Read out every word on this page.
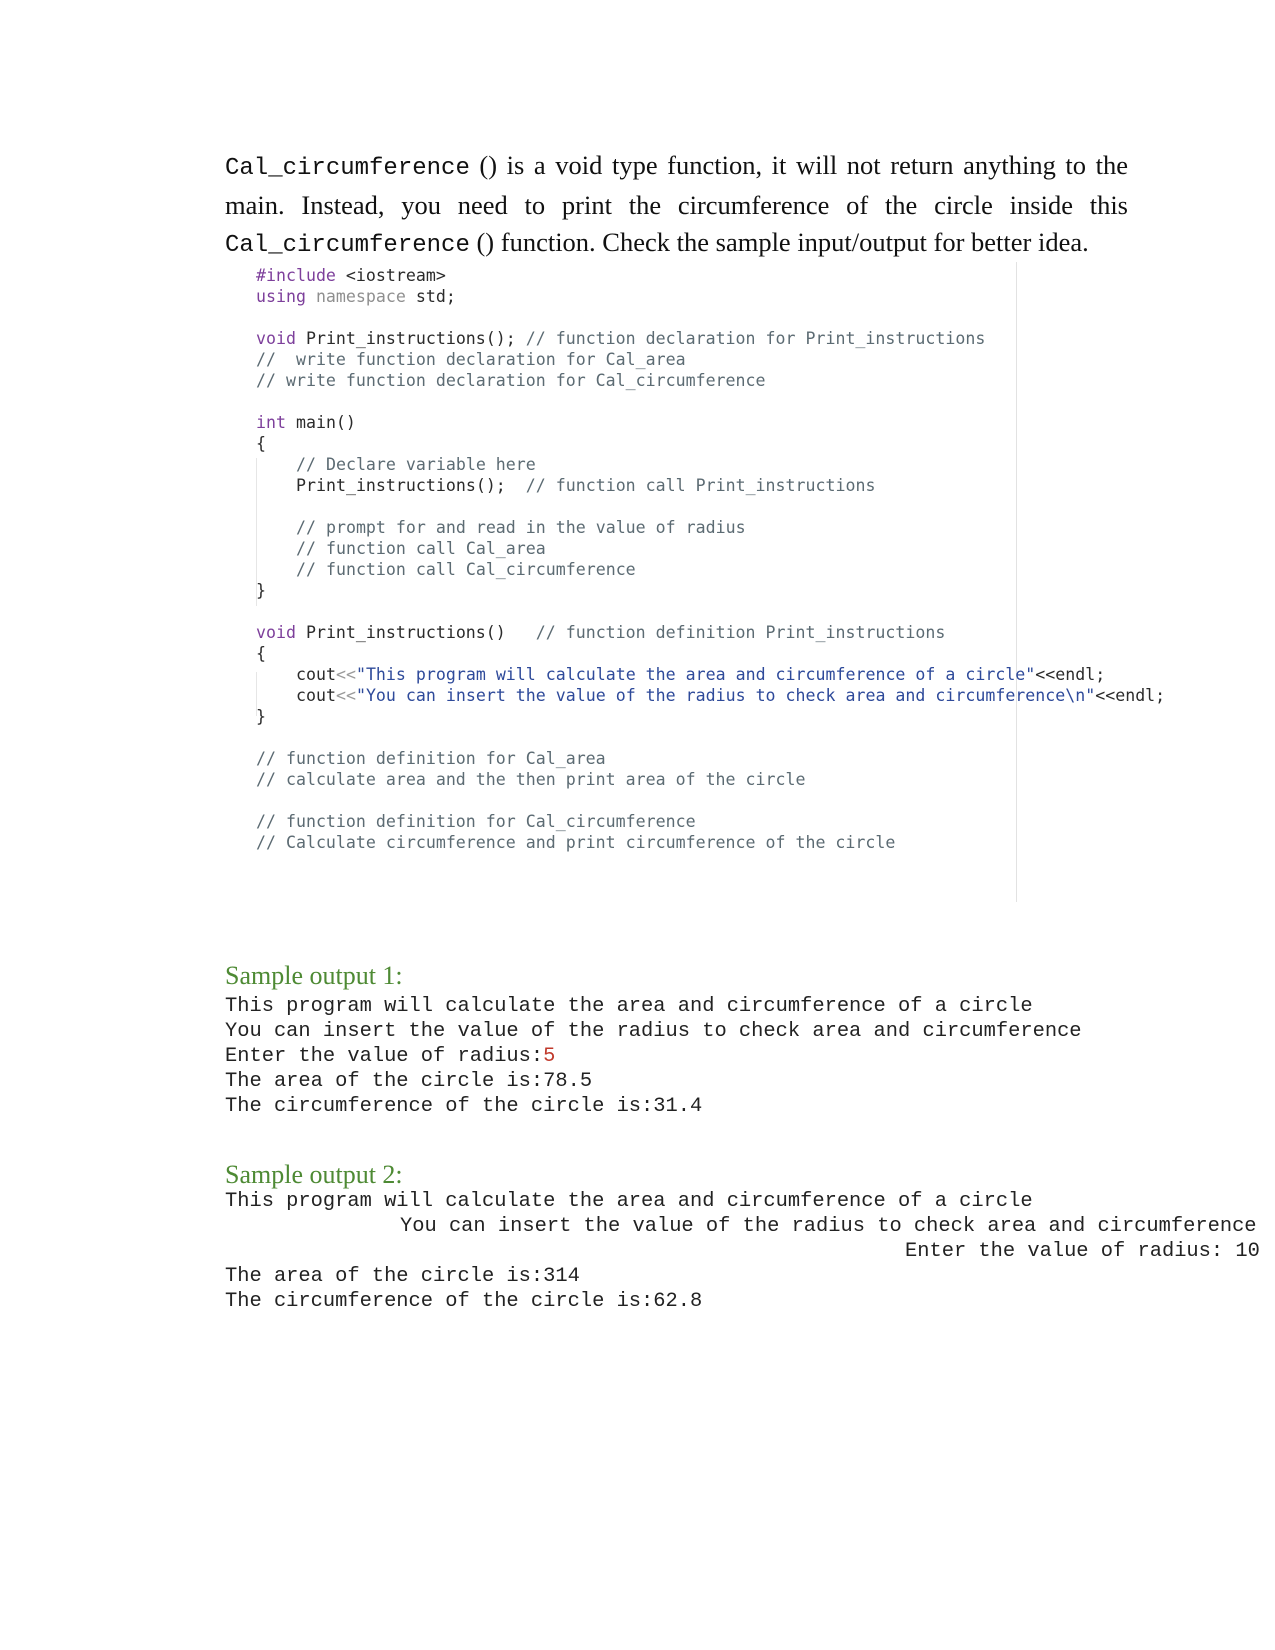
Cal_circumference () is a void type function, it will not return anything to the main. Instead, you need to print the circumference of the circle inside this Cal_circumference () function. Check the sample input/output for better idea.
#include <iostream>
using namespace std;
void Print_instructions(); // function declaration for Print_instructions
//  write function declaration for Cal_area
// write function declaration for Cal_circumference
int main()
{
// Declare variable here
Print_instructions();  // function call Print_instructions
// prompt for and read in the value of radius
// function call Cal_area
// function call Cal_circumference
}
void Print_instructions()   // function definition Print_instructions
{
cout<<"This program will calculate the area and circumference of a circle"<<endl;
cout<<"You can insert the value of the radius to check area and circumference\n"<<endl;
}
// function definition for Cal_area
// calculate area and the then print area of the circle
// function definition for Cal_circumference
// Calculate circumference and print circumference of the circle
Sample output 1:
This program will calculate the area and circumference of a circle
You can insert the value of the radius to check area and circumference
Enter the value of radius:5
The area of the circle is:78.5
The circumference of the circle is:31.4
Sample output 2:
This program will calculate the area and circumference of a circle
You can insert the value of the radius to check area and circumference
Enter the value of radius: 10
The area of the circle is:314
The circumference of the circle is:62.8
